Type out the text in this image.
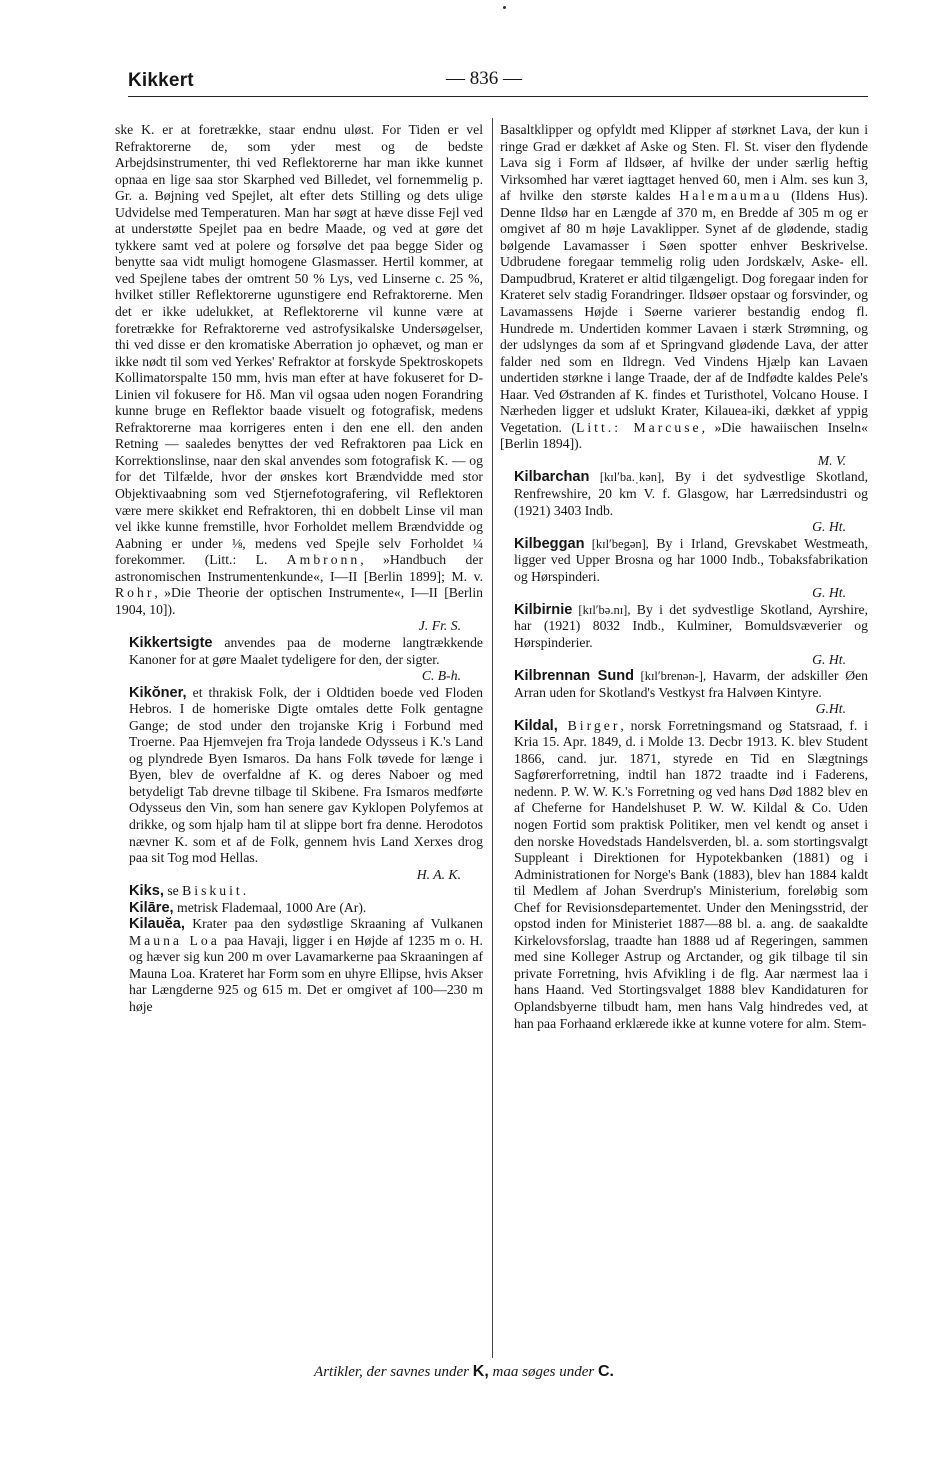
Kikkert	— 836 —

ske K. er at foretrække, staar endnu uløst. For Tiden er vel Refraktorerne de, som yder mest og de bedste Arbejdsinstrumenter, thi ved Reflektorerne har man ikke kunnet opnaa en lige saa stor Skarphed ved Billedet, vel fornemmelig p. Gr. a. Bøjning ved Spejlet, alt efter dets Stilling og dets ulige Udvidelse med Temperaturen. Man har søgt at hæve disse Fejl ved at understøtte Spejlet paa en bedre Maade, og ved at gøre det tykkere samt ved at polere og forsølve det paa begge Sider og benytte saa vidt muligt homogene Glasmasser. Hertil kommer, at ved Spejlene tabes der omtrent 50 % Lys, ved Linserne c. 25 %, hvilket stiller Reflektorerne ugunstigere end Refraktorerne. Men det er ikke udelukket, at Reflektorerne vil kunne være at foretrække for Refraktorerne ved astrofysikalske Undersøgelser, thi ved disse er den kromatiske Aberration jo ophævet, og man er ikke nødt til som ved Yerkes' Refraktor at forskyde Spektroskopets Kollimatorspalte 150 mm, hvis man efter at have fokuseret for D-Linien vil fokusere for Hδ. Man vil ogsaa uden nogen Forandring kunne bruge en Reflektor baade visuelt og fotografisk, medens Refraktorerne maa korrigeres enten i den ene ell. den anden Retning — saaledes benyttes der ved Refraktoren paa Lick en Korrektionslinse, naar den skal anvendes som fotografisk K. — og for det Tilfælde, hvor der ønskes kort Brændvidde med stor Objektivaabning som ved Stjernefotografering, vil Reflektoren være mere skikket end Refraktoren, thi en dobbelt Linse vil man vel ikke kunne fremstille, hvor Forholdet mellem Brændvidde og Aabning er under ⅛, medens ved Spejle selv Forholdet ¼ forekommer. (Litt.: L. Ambronn, »Handbuch der astronomischen Instrumentenkunde«, I—II [Berlin 1899]; M. v. Rohr, »Die Theorie der optischen Instrumente«, I—II [Berlin 1904, 10]).

J. Fr. S.

Kikkertsigte anvendes paa de moderne langtrækkende Kanoner for at gøre Maalet tydeligere for den, der sigter.

C. B-h.

Kikŏner, et thrakisk Folk, der i Oldtiden boede ved Floden Hebros. I de homeriske Digte omtales dette Folk gentagne Gange; de stod under den trojanske Krig i Forbund med Troerne. Paa Hjemvejen fra Troja landede Odysseus i K.'s Land og plyndrede Byen Ismaros. Da hans Folk tøvede for længe i Byen, blev de overfaldne af K. og deres Naboer og med betydeligt Tab drevne tilbage til Skibene. Fra Ismaros medførte Odysseus den Vin, som han senere gav Kyklopen Polyfemos at drikke, og som hjalp ham til at slippe bort fra denne. Herodotos nævner K. som et af de Folk, gennem hvis Land Xerxes drog paa sit Tog mod Hellas.

H. A. K.

Kiks, se Biskuit.

Kilāre, metrisk Flademaal, 1000 Are (Ar).

Kilauĕa, Krater paa den sydøstlige Skraaning af Vulkanen Mauna Loa paa Havaji, ligger i en Højde af 1235 m o. H. og hæver sig kun 200 m over Lavamarkerne paa Skraaningen af Mauna Loa. Krateret har Form som en uhyre Ellipse, hvis Akser har Længderne 925 og 615 m. Det er omgivet af 100—230 m høje

Basaltklipper og opfyldt med Klipper af størknet Lava, der kun i ringe Grad er dækket af Aske og Sten. Fl. St. viser den flydende Lava sig i Form af Ildsøer, af hvilke der under særlig heftig Virksomhed har været iagttaget henved 60, men i Alm. ses kun 3, af hvilke den største kaldes Halemaumau (Ildens Hus). Denne Ildsø har en Længde af 370 m, en Bredde af 305 m og er omgivet af 80 m høje Lavaklipper. Synet af de glødende, stadig bølgende Lavamasser i Søen spotter enhver Beskrivelse. Udbrudene foregaar temmelig rolig uden Jordskælv, Aske- ell. Dampudbrud, Krateret er altid tilgængeligt. Dog foregaar inden for Krateret selv stadig Forandringer. Ildsøer opstaar og forsvinder, og Lavamassens Højde i Søerne varierer bestandig endog fl. Hundrede m. Undertiden kommer Lavaen i stærk Strømning, og der udslynges da som af et Springvand glødende Lava, der atter falder ned som en Ildregn. Ved Vindens Hjælp kan Lavaen undertiden størkne i lange Traade, der af de Indfødte kaldes Pele's Haar. Ved Østranden af K. findes et Turisthotel, Volcano House. I Nærheden ligger et udslukt Krater, Kilauea-iki, dækket af yppig Vegetation. (Litt.: Marcuse, »Die hawaiischen Inseln« [Berlin 1894]).

M. V.

Kilbarchan [kɪlʹba.ˌkən], By i det sydvestlige Skotland, Renfrewshire, 20 km V. f. Glasgow, har Lærredsindustri og (1921) 3403 Indb.

G. Ht.

Kilbeggan [kɪlʹbegən], By i Irland, Grevskabet Westmeath, ligger ved Upper Brosna og har 1000 Indb., Tobaksfabrikation og Hørspinderi.

G. Ht.

Kilbirnie [kɪlʹbə.nɪ], By i det sydvestlige Skotland, Ayrshire, har (1921) 8032 Indb., Kulminer, Bomuldsvæverier og Hørspinderier.

G. Ht.

Kilbrennan Sund [kɪlʹbrenən-], Havarm, der adskiller Øen Arran uden for Skotland's Vestkyst fra Halvøen Kintyre.

G.Ht.

Kildal, Birger, norsk Forretningsmand og Statsraad, f. i Kria 15. Apr. 1849, d. i Molde 13. Decbr 1913. K. blev Student 1866, cand. jur. 1871, styrede en Tid en Slægtnings Sagførerforretning, indtil han 1872 traadte ind i Faderens, nedenn. P. W. W. K.'s Forretning og ved hans Død 1882 blev en af Cheferne for Handelshuset P. W. W. Kildal & Co. Uden nogen Fortid som praktisk Politiker, men vel kendt og anset i den norske Hovedstads Handelsverden, bl. a. som stortingsvalgt Suppleant i Direktionen for Hypotekbanken (1881) og i Administrationen for Norge's Bank (1883), blev han 1884 kaldt til Medlem af Johan Sverdrup's Ministerium, foreløbig som Chef for Revisionsdepartementet. Under den Meningsstrid, der opstod inden for Ministeriet 1887—88 bl. a. ang. de saakaldte Kirkelovsforslag, traadte han 1888 ud af Regeringen, sammen med sine Kolleger Astrup og Arctander, og gik tilbage til sin private Forretning, hvis Afvikling i de flg. Aar nærmest laa i hans Haand. Ved Stortingsvalget 1888 blev Kandidaturen for Oplandsbyerne tilbudt ham, men hans Valg hindredes ved, at han paa Forhaand erklærede ikke at kunne votere for alm. Stem-

Artikler, der savnes under K, maa søges under C.
